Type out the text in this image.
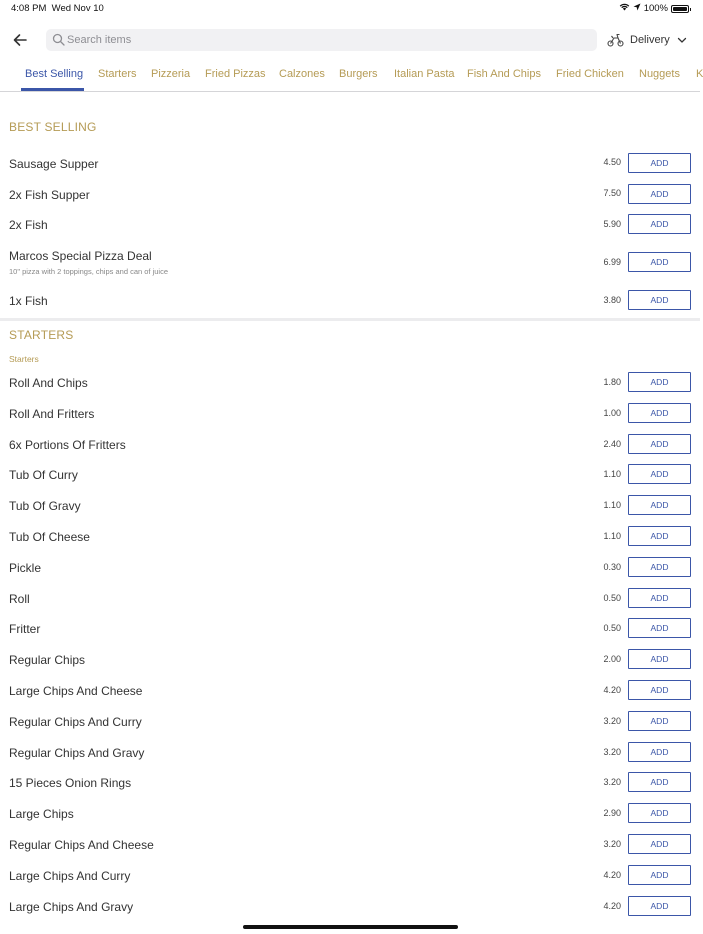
4:08 PM Wed Nov 10	100%
Search items
Delivery
Best Selling Starters Pizzeria Fried Pizzas Calzones Burgers Italian Pasta Fish And Chips Fried Chicken Nuggets K
BEST SELLING
Sausage Supper	4.50	ADD
2x Fish Supper	7.50	ADD
2x Fish	5.90	ADD
Marcos Special Pizza Deal
10" pizza with 2 toppings, chips and can of juice
6.99	ADD
1x Fish	3.80	ADD
STARTERS
Starters
Roll And Chips	1.80	ADD
Roll And Fritters	1.00	ADD
6x Portions Of Fritters	2.40	ADD
Tub Of Curry	1.10	ADD
Tub Of Gravy	1.10	ADD
Tub Of Cheese	1.10	ADD
Pickle	0.30	ADD
Roll	0.50	ADD
Fritter	0.50	ADD
Regular Chips	2.00	ADD
Large Chips And Cheese	4.20	ADD
Regular Chips And Curry	3.20	ADD
Regular Chips And Gravy	3.20	ADD
15 Pieces Onion Rings	3.20	ADD
Large Chips	2.90	ADD
Regular Chips And Cheese	3.20	ADD
Large Chips And Curry	4.20	ADD
Large Chips And Gravy	4.20	ADD
